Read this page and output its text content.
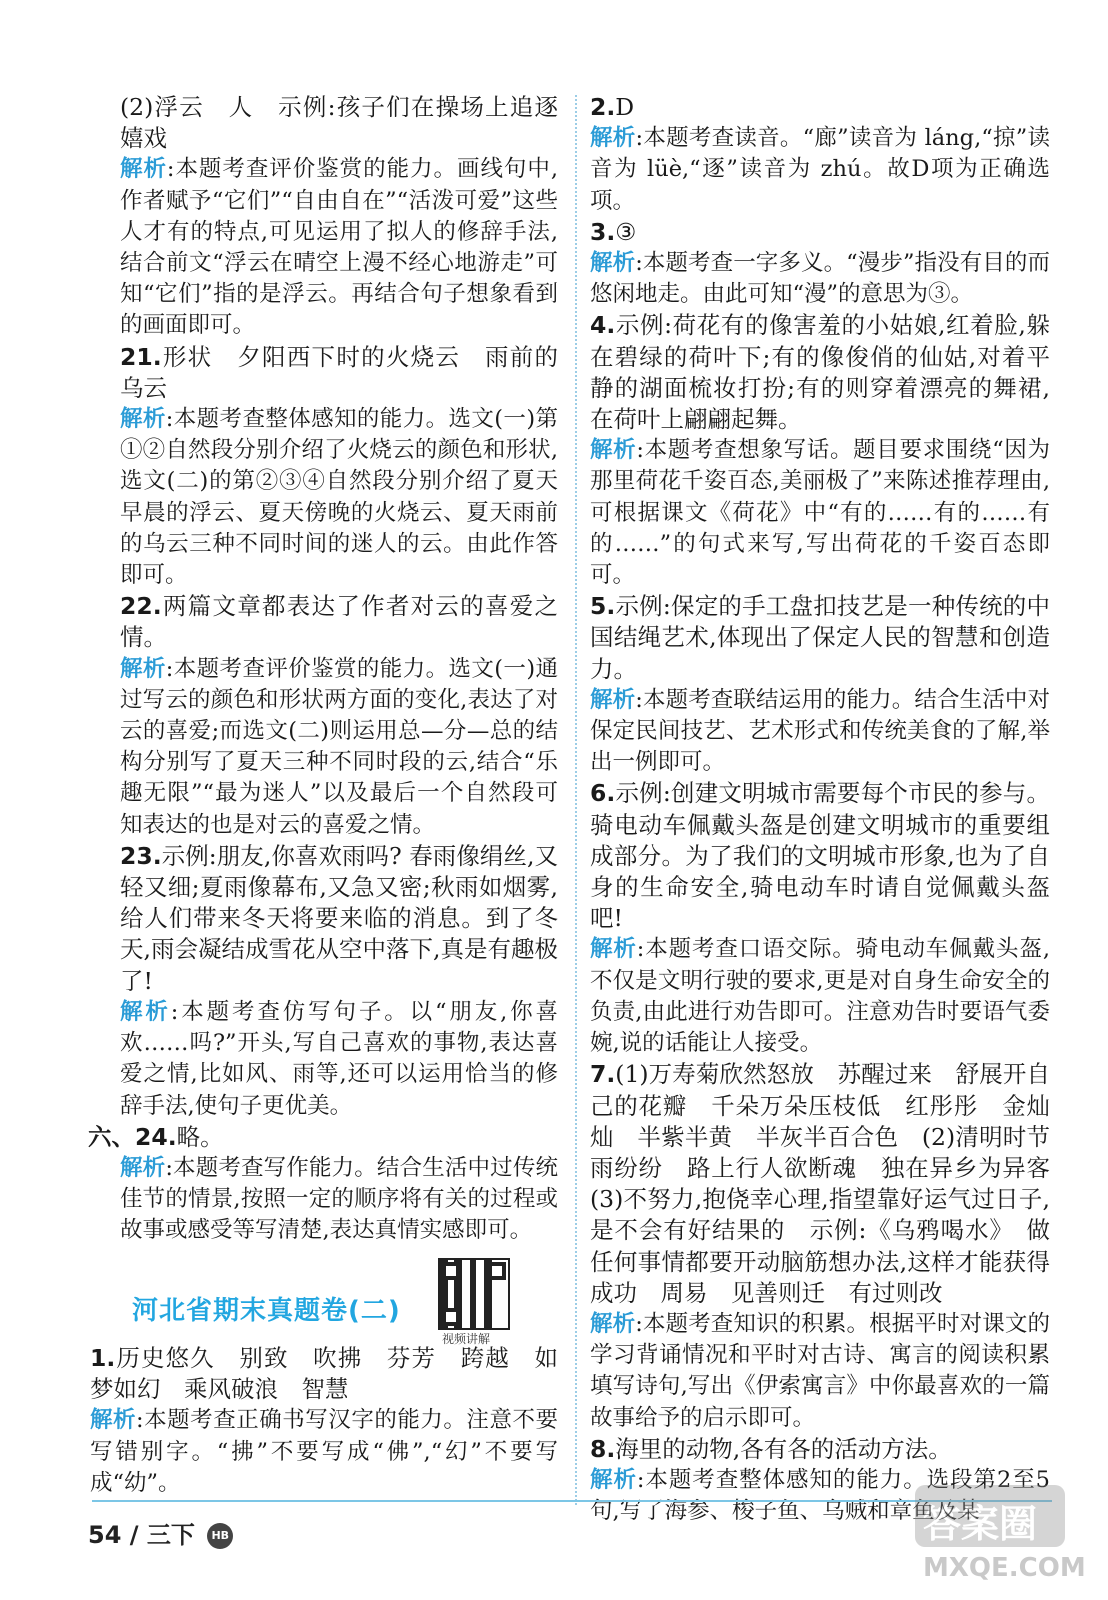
(2)浮云　人　示例:孩子们在操场上追逐嬉戏

解析:本题考查评价鉴赏的能力。画线句中,作者赋予“它们”“自由自在”“活泼可爱”这些人才有的特点,可见运用了拟人的修辞手法,结合前文“浮云在晴空上漫不经心地游走”可知“它们”指的是浮云。再结合句子想象看到的画面即可。

21.形状　夕阳西下时的火烧云　雨前的乌云

解析:本题考查整体感知的能力。选文(一)第①②自然段分别介绍了火烧云的颜色和形状,选文(二)的第②③④自然段分别介绍了夏天早晨的浮云、夏天傍晚的火烧云、夏天雨前的乌云三种不同时间的迷人的云。由此作答即可。

22.两篇文章都表达了作者对云的喜爱之情。

解析:本题考查评价鉴赏的能力。选文(一)通过写云的颜色和形状两方面的变化,表达了对云的喜爱;而选文(二)则运用总—分—总的结构分别写了夏天三种不同时段的云,结合“乐趣无限”“最为迷人”以及最后一个自然段可知表达的也是对云的喜爱之情。

23.示例:朋友,你喜欢雨吗? 春雨像绢丝,又轻又细;夏雨像幕布,又急又密;秋雨如烟雾,给人们带来冬天将要来临的消息。到了冬天,雨会凝结成雪花从空中落下,真是有趣极了!

解析:本题考查仿写句子。以“朋友,你喜欢……吗?”开头,写自己喜欢的事物,表达喜爱之情,比如风、雨等,还可以运用恰当的修辞手法,使句子更优美。

六、24.略。

解析:本题考查写作能力。结合生活中过传统佳节的情景,按照一定的顺序将有关的过程或故事或感受等写清楚,表达真情实感即可。

河北省期末真题卷(二)
视频讲解

1.历史悠久　别致　吹拂　芬芳　跨越　如梦如幻　乘风破浪　智慧

解析:本题考查正确书写汉字的能力。注意不要写错别字。“拂”不要写成“佛”,“幻”不要写成“幼”。

2.D

解析:本题考查读音。“廊”读音为 láng,“掠”读音为 lüè,“逐”读音为 zhú。故D项为正确选项。

3.③

解析:本题考查一字多义。“漫步”指没有目的而悠闲地走。由此可知“漫”的意思为③。

4.示例:荷花有的像害羞的小姑娘,红着脸,躲在碧绿的荷叶下;有的像俊俏的仙姑,对着平静的湖面梳妆打扮;有的则穿着漂亮的舞裙,在荷叶上翩翩起舞。

解析:本题考查想象写话。题目要求围绕“因为那里荷花千姿百态,美丽极了”来陈述推荐理由,可根据课文《荷花》中“有的……有的……有的……”的句式来写,写出荷花的千姿百态即可。

5.示例:保定的手工盘扣技艺是一种传统的中国结绳艺术,体现出了保定人民的智慧和创造力。

解析:本题考查联结运用的能力。结合生活中对保定民间技艺、艺术形式和传统美食的了解,举出一例即可。

6.示例:创建文明城市需要每个市民的参与。骑电动车佩戴头盔是创建文明城市的重要组成部分。为了我们的文明城市形象,也为了自身的生命安全,骑电动车时请自觉佩戴头盔吧!

解析:本题考查口语交际。骑电动车佩戴头盔,不仅是文明行驶的要求,更是对自身生命安全的负责,由此进行劝告即可。注意劝告时要语气委婉,说的话能让人接受。

7.(1)万寿菊欣然怒放　苏醒过来　舒展开自己的花瓣　千朵万朵压枝低　红彤彤　金灿灿　半紫半黄　半灰半百合色　(2)清明时节雨纷纷　路上行人欲断魂　独在异乡为异客　(3)不努力,抱侥幸心理,指望靠好运气过日子,是不会有好结果的　示例:《乌鸦喝水》　做任何事情都要开动脑筋想办法,这样才能获得成功　周易　见善则迁　有过则改

解析:本题考查知识的积累。根据平时对课文的学习背诵情况和平时对古诗、寓言的阅读积累填写诗句,写出《伊索寓言》中你最喜欢的一篇故事给予的启示即可。

8.海里的动物,各有各的活动方法。

解析:本题考查整体感知的能力。选段第2至5句,写了海参、梭子鱼、乌贼和章鱼及某

54 / 三下 HB	答案圈
MXQE.COM
